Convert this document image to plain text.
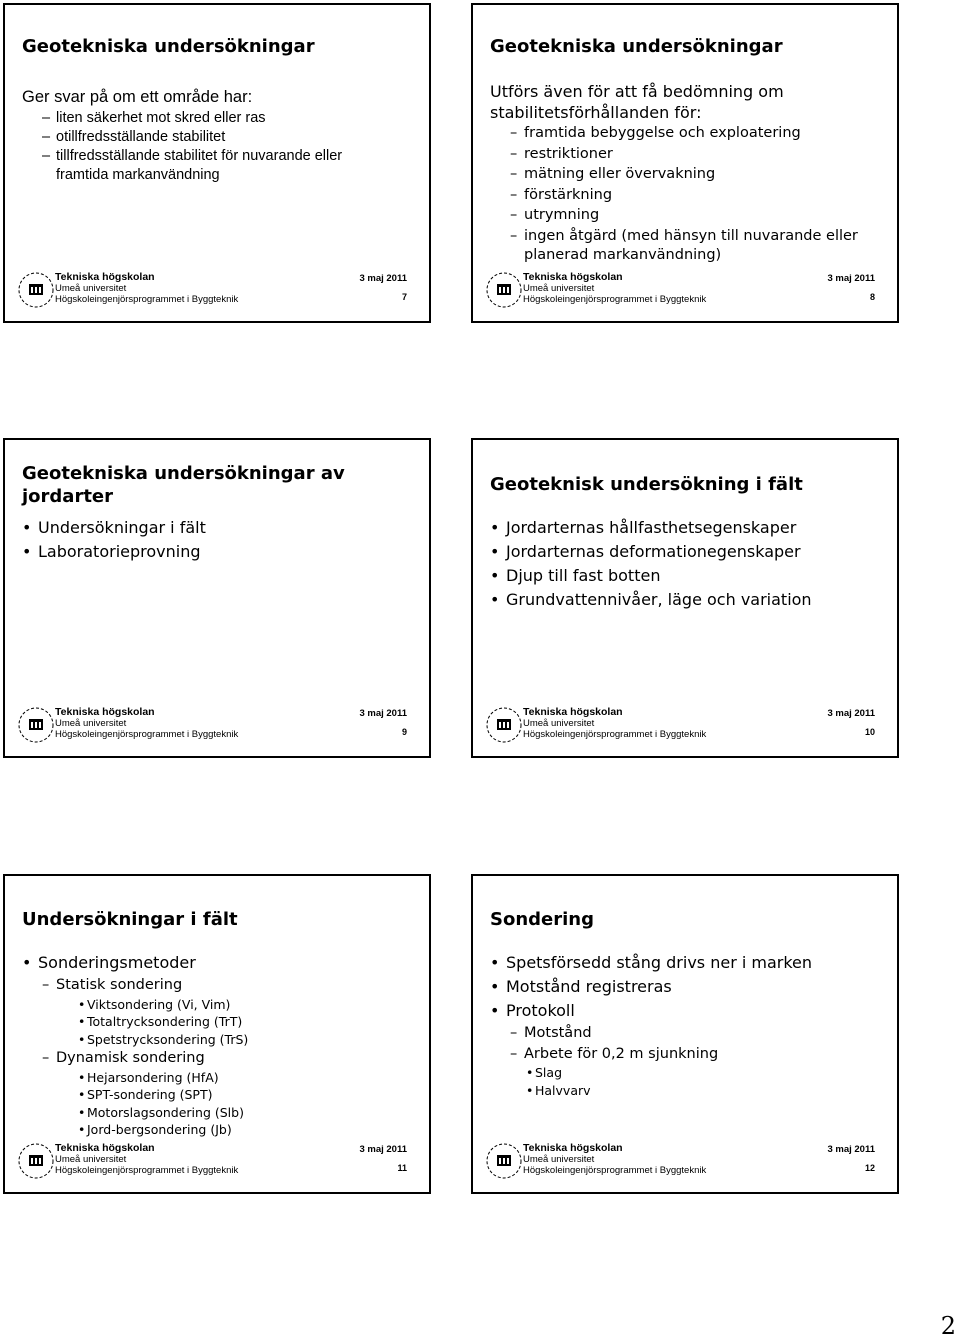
Geotekniska undersökningar
Ger svar på om ett område har:
– liten säkerhet mot skred eller ras
– otillfredsställande stabilitet
– tillfredsställande stabilitet för nuvarande eller
framtida markanvändning
Tekniska högskolan
Umeå universitet
Högskoleingenjörsprogrammet i Byggteknik
3 maj 2011
7
Geotekniska undersökningar
Utförs även för att få bedömning om
stabilitetsförhållanden för:
– framtida bebyggelse och exploatering
– restriktioner
– mätning eller övervakning
– förstärkning
– utrymning
– ingen åtgärd (med hänsyn till nuvarande eller
planerad markanvändning)
Tekniska högskolan
Umeå universitet
Högskoleingenjörsprogrammet i Byggteknik
3 maj 2011
8
Geotekniska undersökningar av
jordarter
• Undersökningar i fält
• Laboratorieprovning
Tekniska högskolan
Umeå universitet
Högskoleingenjörsprogrammet i Byggteknik
3 maj 2011
9
Geoteknisk undersökning i fält
• Jordarternas hållfasthetsegenskaper
• Jordarternas deformationegenskaper
• Djup till fast botten
• Grundvattennivåer, läge och variation
Tekniska högskolan
Umeå universitet
Högskoleingenjörsprogrammet i Byggteknik
3 maj 2011
10
Undersökningar i fält
• Sonderingsmetoder
– Statisk sondering
• Viktsondering (Vi, Vim)
• Totaltrycksondering (TrT)
• Spetstrycksondering (TrS)
– Dynamisk sondering
• Hejarsondering (HfA)
• SPT-sondering (SPT)
• Motorslagsondering (Slb)
• Jord-bergsondering (Jb)
Tekniska högskolan
Umeå universitet
Högskoleingenjörsprogrammet i Byggteknik
3 maj 2011
11
Sondering
• Spetsförsedd stång drivs ner i marken
• Motstånd registreras
• Protokoll
– Motstånd
– Arbete för 0,2 m sjunkning
• Slag
• Halvvarv
Tekniska högskolan
Umeå universitet
Högskoleingenjörsprogrammet i Byggteknik
3 maj 2011
12
2
